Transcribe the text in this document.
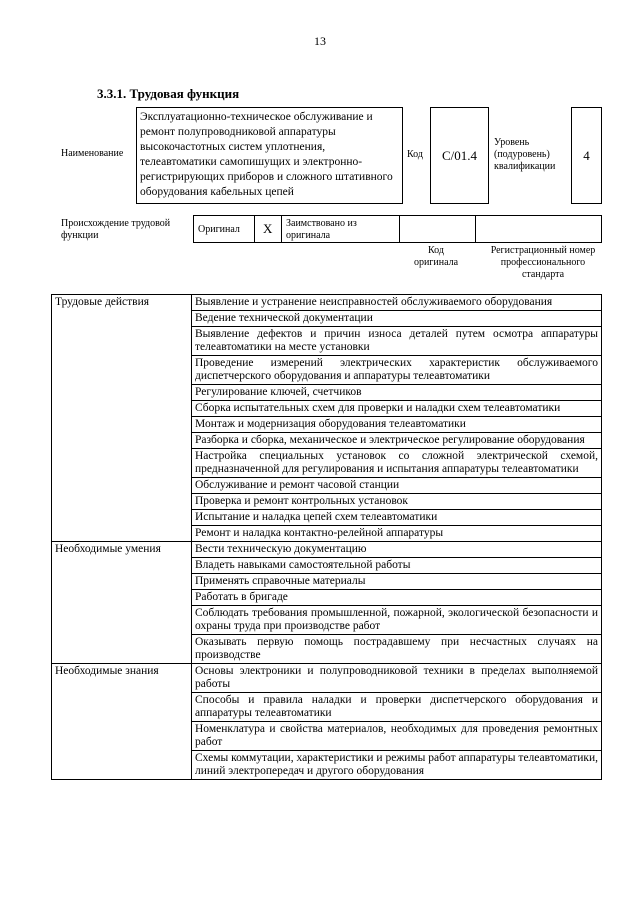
13
3.3.1. Трудовая функция
Наименование
Эксплуатационно-техническое обслуживание и ремонт полупроводниковой аппаратуры высокочастотных систем уплотнения, телеавтоматики самопишущих и электронно-регистрирующих приборов и сложного штативного оборудования кабельных цепей
Код C/01.4
Уровень (подуровень) квалификации
4
Происхождение трудовой функции
Оригинал X Заимствовано из оригинала
Код оригинала
Регистрационный номер профессионального стандарта
Трудовые действия	Выявление и устранение неисправностей обслуживаемого оборудования
	Ведение технической документации
	Выявление дефектов и причин износа деталей путем осмотра аппаратуры телеавтоматики на месте установки
	Проведение измерений электрических характеристик обслуживаемого диспетчерского оборудования и аппаратуры телеавтоматики
	Регулирование ключей, счетчиков
	Сборка испытательных схем для проверки и наладки схем телеавтоматики
	Монтаж и модернизация оборудования телеавтоматики
	Разборка и сборка, механическое и электрическое регулирование оборудования
	Настройка специальных установок со сложной электрической схемой, предназначенной для регулирования и испытания аппаратуры телеавтоматики
	Обслуживание и ремонт часовой станции
	Проверка и ремонт контрольных установок
	Испытание и наладка цепей схем телеавтоматики
	Ремонт и наладка контактно-релейной аппаратуры
Необходимые умения	Вести техническую документацию
	Владеть навыками самостоятельной работы
	Применять справочные материалы
	Работать в бригаде
	Соблюдать требования промышленной, пожарной, экологической безопасности и охраны труда при производстве работ
	Оказывать первую помощь пострадавшему при несчастных случаях на производстве
Необходимые знания	Основы электроники и полупроводниковой техники в пределах выполняемой работы
	Способы и правила наладки и проверки диспетчерского оборудования и аппаратуры телеавтоматики
	Номенклатура и свойства материалов, необходимых для проведения ремонтных работ
	Схемы коммутации, характеристики и режимы работ аппаратуры телеавтоматики, линий электропередач и другого оборудования
